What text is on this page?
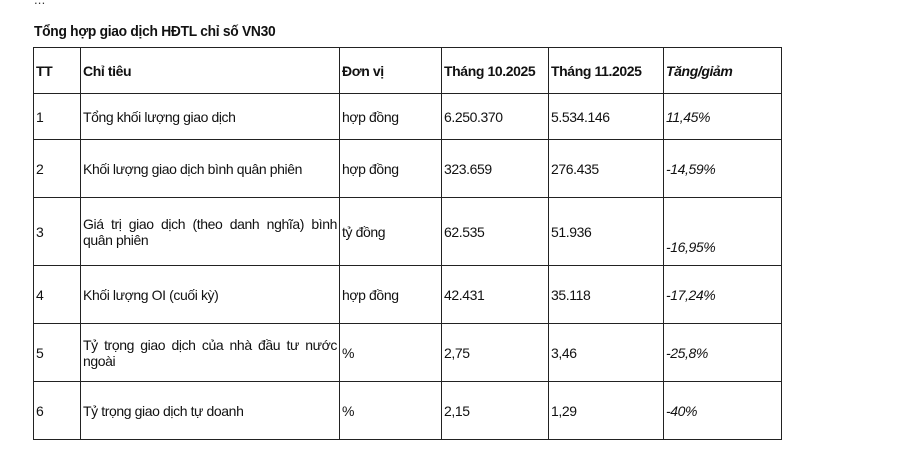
Tổng hợp giao dịch HĐTL chỉ số VN30
TT	Chỉ tiêu	Đơn vị	Tháng 10.2025	Tháng 11.2025	Tăng/giảm
1	Tổng khối lượng giao dịch	hợp đồng	6.250.370	5.534.146	11,45%
2	Khối lượng giao dịch bình quân phiên	hợp đồng	323.659	276.435	-14,59%
3	Giá trị giao dịch (theo danh nghĩa) bình quân phiên	tỷ đồng	62.535	51.936	-16,95%
4	Khối lượng OI (cuối kỳ)	hợp đồng	42.431	35.118	-17,24%
5	Tỷ trọng giao dịch của nhà đầu tư nước ngoài	%	2,75	3,46	-25,8%
6	Tỷ trọng giao dịch tự doanh	%	2,15	1,29	-40%
